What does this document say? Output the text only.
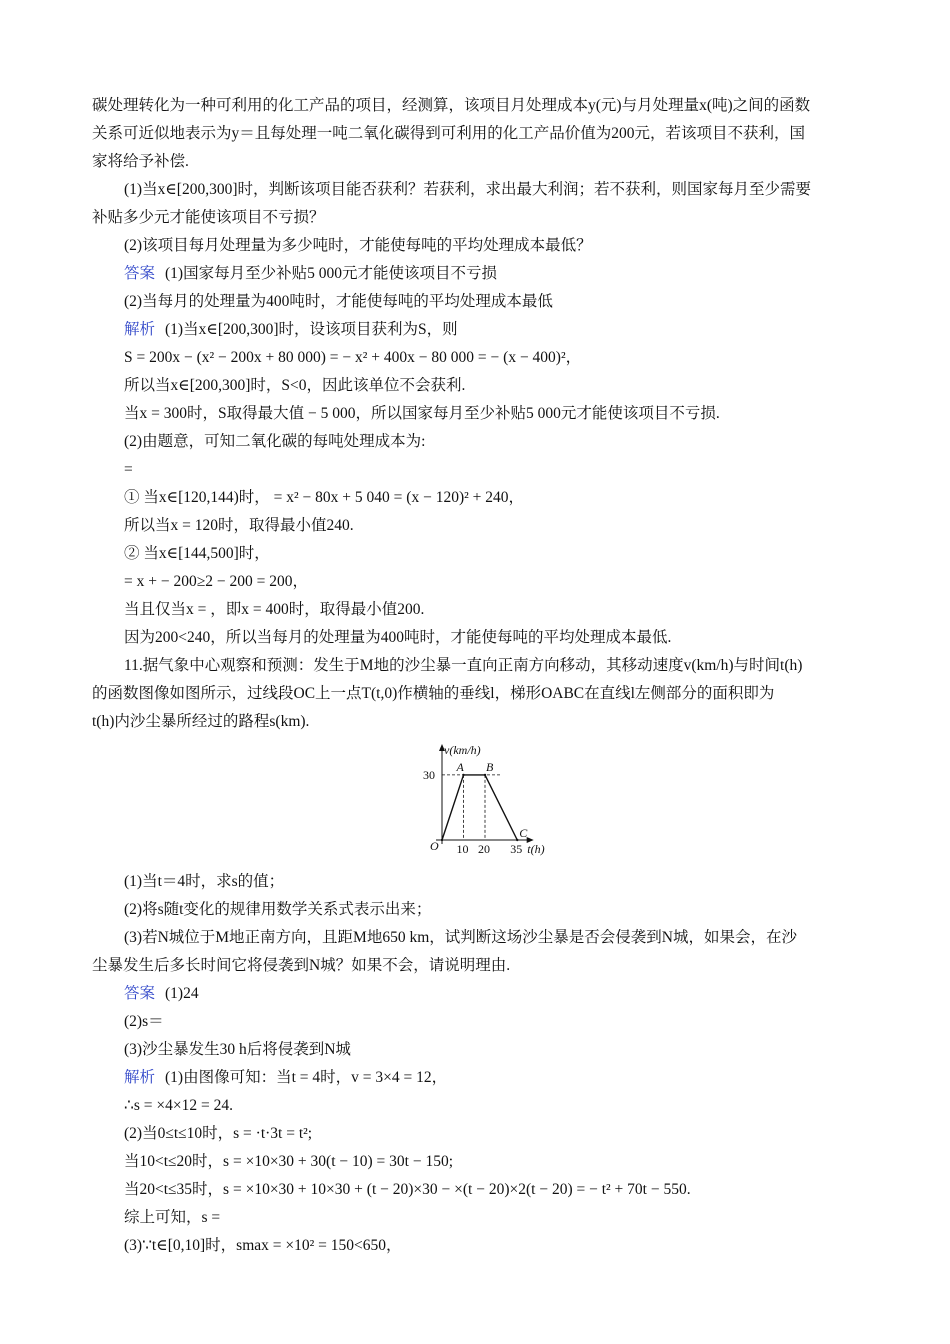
碳处理转化为一种可利用的化工产品的项目，经测算，该项目月处理成本y(元)与月处理量x(吨)之间的函数
关系可近似地表示为y＝且每处理一吨二氧化碳得到可利用的化工产品价值为200元，若该项目不获利，国
家将给予补偿.
(1)当x∈[200,300]时，判断该项目能否获利？若获利，求出最大利润；若不获利，则国家每月至少需要
补贴多少元才能使该项目不亏损？
(2)该项目每月处理量为多少吨时，才能使每吨的平均处理成本最低？
答案 (1)国家每月至少补贴5 000元才能使该项目不亏损
(2)当每月的处理量为400吨时，才能使每吨的平均处理成本最低
解析 (1)当x∈[200,300]时，设该项目获利为S，则
S = 200x − (x² − 200x + 80 000) = − x² + 400x − 80 000 = − (x − 400)²，
所以当x∈[200,300]时，S<0，因此该单位不会获利.
当x = 300时，S取得最大值 − 5 000，所以国家每月至少补贴5 000元才能使该项目不亏损.
(2)由题意，可知二氧化碳的每吨处理成本为:
=
① 当x∈[120,144)时， = x² − 80x + 5 040 = (x − 120)² + 240，
所以当x = 120时，取得最小值240.
② 当x∈[144,500]时，
= x + − 200≥2 − 200 = 200，
当且仅当x = ，即x = 400时，取得最小值200.
因为200<240，所以当每月的处理量为400吨时，才能使每吨的平均处理成本最低.
11.据气象中心观察和预测：发生于M地的沙尘暴一直向正南方向移动，其移动速度v(km/h)与时间t(h)
的函数图像如图所示，过线段OC上一点T(t,0)作横轴的垂线l，梯形OABC在直线l左侧部分的面积即为
t(h)内沙尘暴所经过的路程s(km).
O
A B
C
30
10 20 35
v(km/h)
t(h)
(1)当t＝4时，求s的值；
(2)将s随t变化的规律用数学关系式表示出来；
(3)若N城位于M地正南方向，且距M地650 km，试判断这场沙尘暴是否会侵袭到N城，如果会，在沙
尘暴发生后多长时间它将侵袭到N城？如果不会，请说明理由.
答案 (1)24
(2)s＝
(3)沙尘暴发生30 h后将侵袭到N城
解析 (1)由图像可知：当t = 4时，v = 3×4 = 12，
∴s = ×4×12 = 24.
(2)当0≤t≤10时，s = ·t·3t = t²;
当10<t≤20时，s = ×10×30 + 30(t − 10) = 30t − 150;
当20<t≤35时，s = ×10×30 + 10×30 + (t − 20)×30 − ×(t − 20)×2(t − 20) = − t² + 70t − 550.
综上可知，s =
(3)∵t∈[0,10]时，smax = ×10² = 150<650，
